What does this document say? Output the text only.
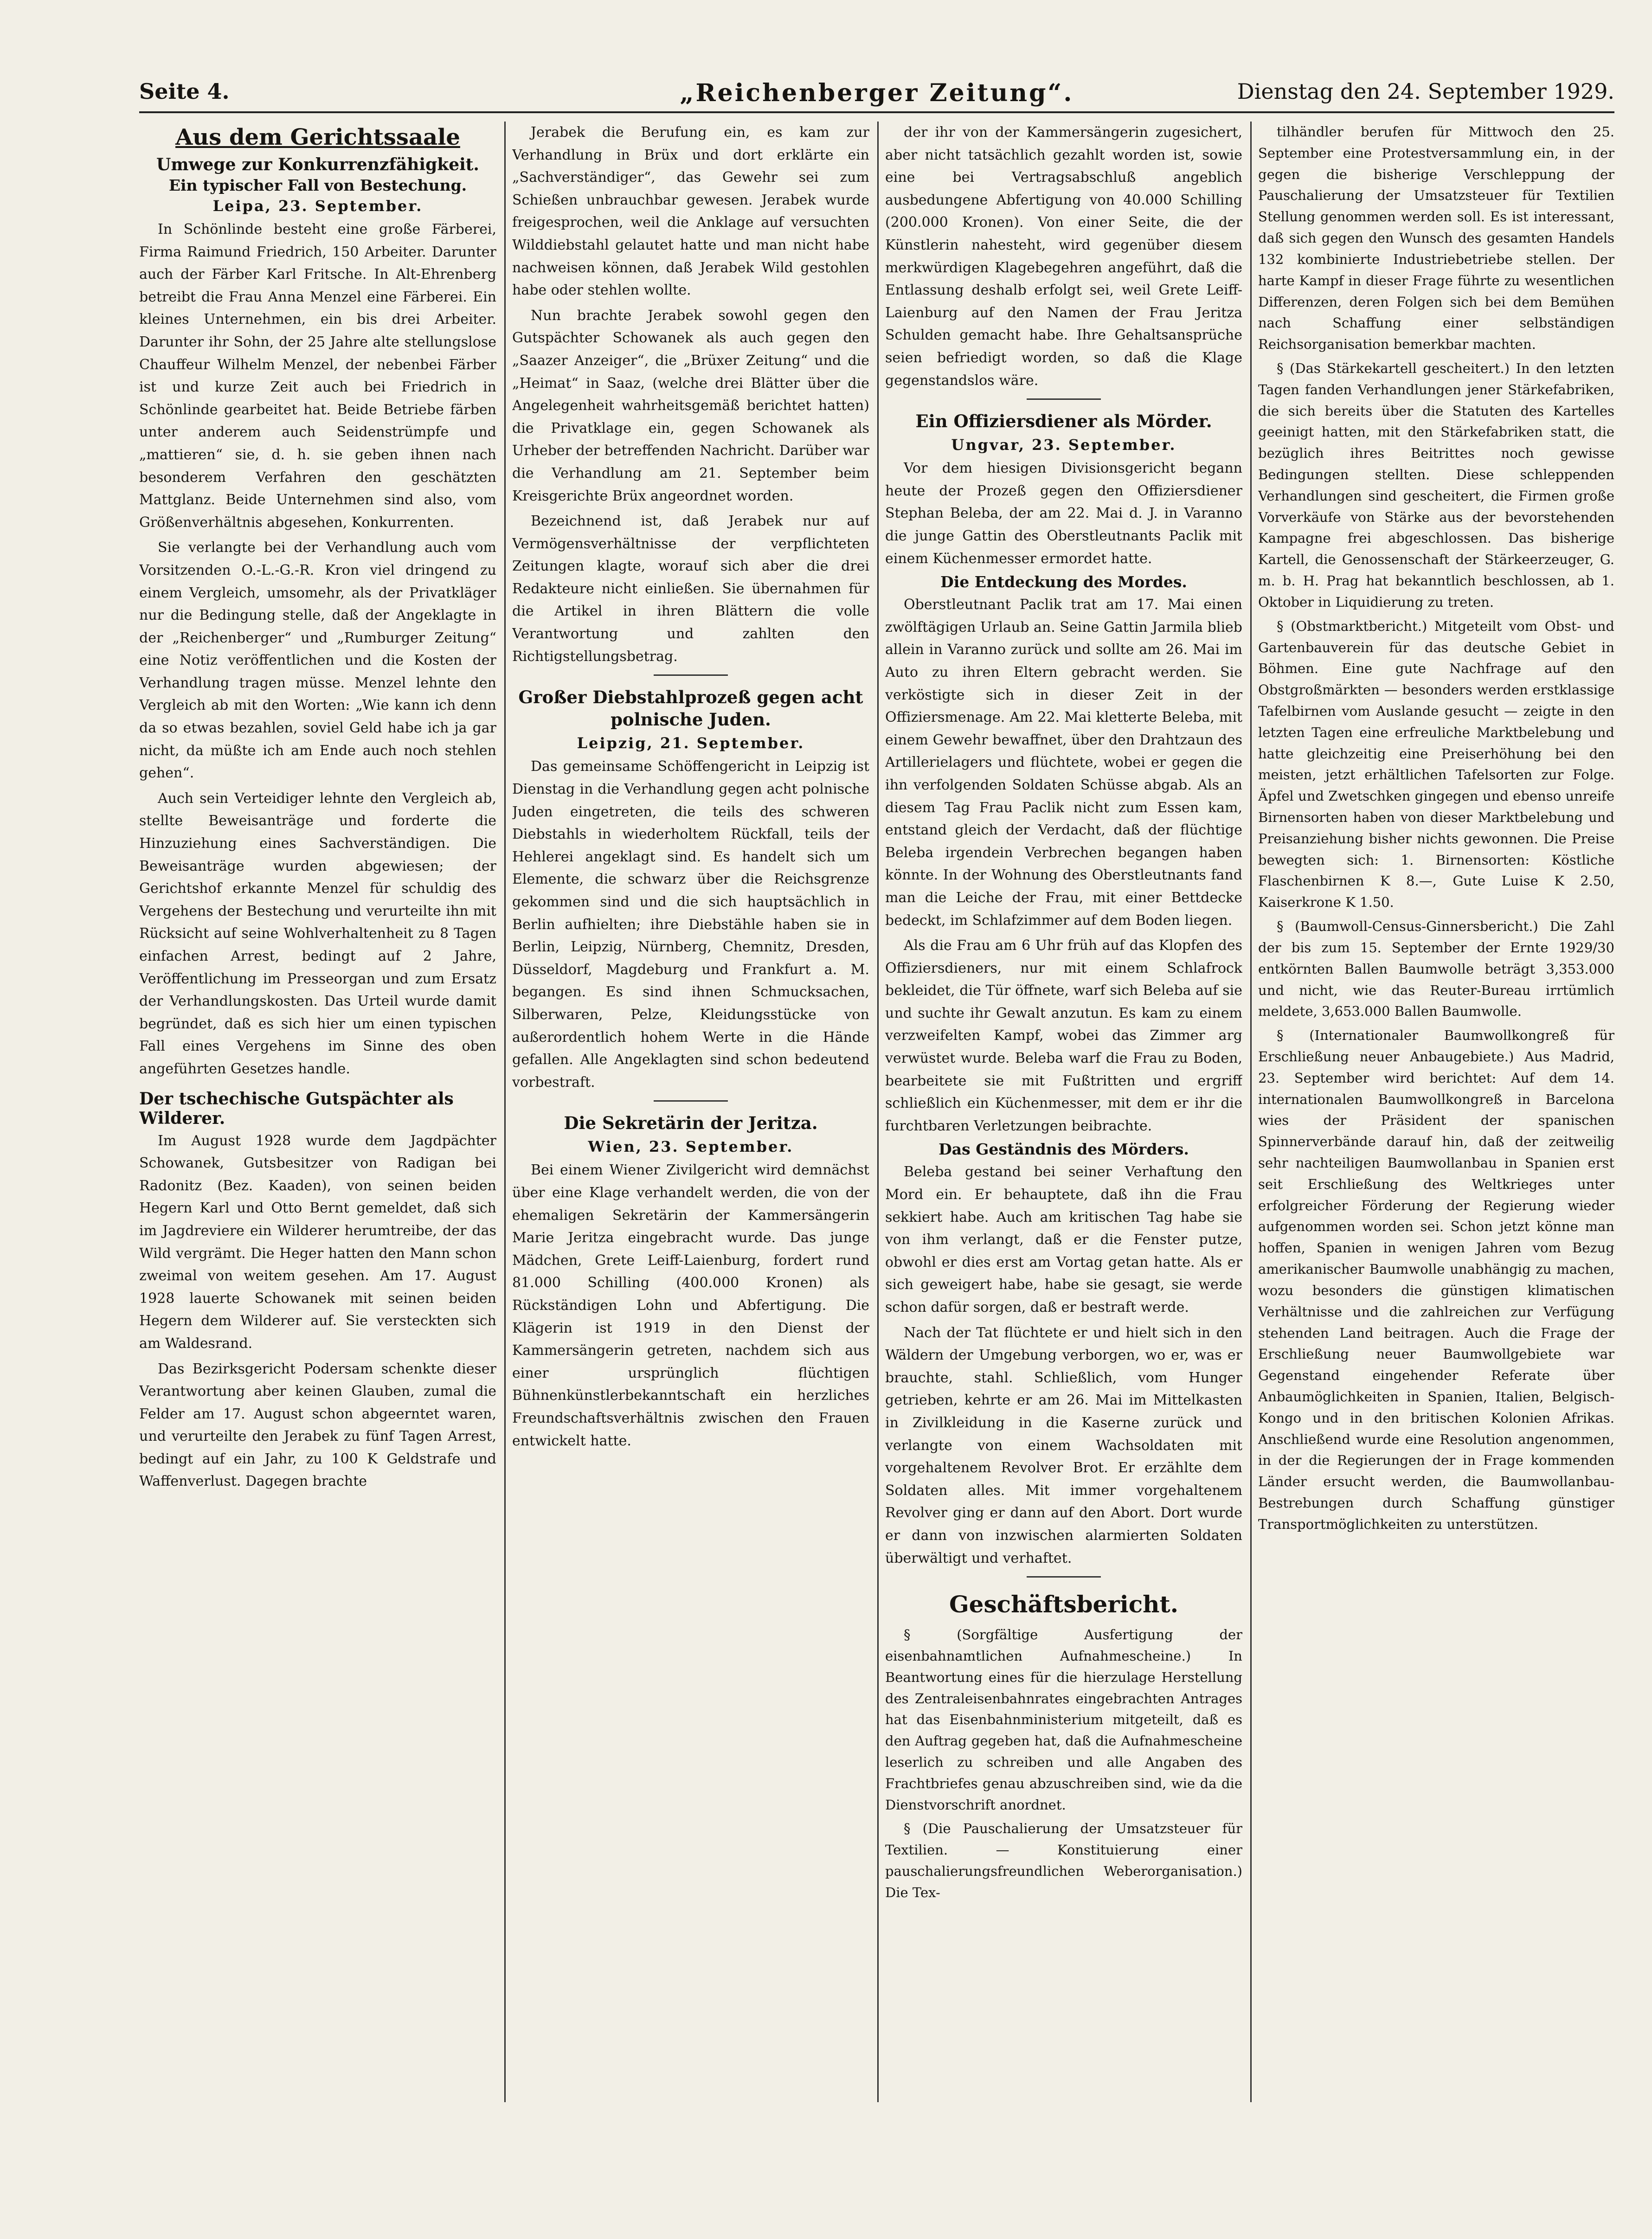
Seite 4.	„Reichenberger Zeitung“.	Dienstag den 24. September 1929.
Aus dem Gerichtssaale
Umwege zur Konkurrenzfähigkeit.
Ein typischer Fall von Bestechung.
Leipa, 23. September.

In Schönlinde besteht eine große Färberei, Firma Raimund Friedrich, 150 Arbeiter. Darunter auch der Färber Karl Fritsche. In Alt-Ehrenberg betreibt die Frau Anna Menzel eine Färberei. Ein kleines Unternehmen, ein bis drei Arbeiter. Darunter ihr Sohn, der 25 Jahre alte stellungslose Chauffeur Wilhelm Menzel, der nebenbei Färber ist und kurze Zeit auch bei Friedrich in Schönlinde gearbeitet hat. Beide Betriebe färben unter anderem auch Seidenstrümpfe und „mattieren“ sie, d. h. sie geben ihnen nach besonderem Verfahren den geschätzten Mattglanz. Beide Unternehmen sind also, vom Größenverhältnis abgesehen, Konkurrenten.

Sie verlangte bei der Verhandlung auch vom Vorsitzenden O.-L.-G.-R. Kron viel dringend zu einem Vergleich, umsomehr, als der Privatkläger nur die Bedingung stelle, daß der Angeklagte in der „Reichenberger“ und „Rumburger Zeitung“ eine Notiz veröffentlichen und die Kosten der Verhandlung tragen müsse. Menzel lehnte den Vergleich ab mit den Worten: „Wie kann ich denn da so etwas bezahlen, soviel Geld habe ich ja gar nicht, da müßte ich am Ende auch noch stehlen gehen“.

Auch sein Verteidiger lehnte den Vergleich ab, stellte Beweisanträge und forderte die Hinzuziehung eines Sachverständigen. Die Beweisanträge wurden abgewiesen; der Gerichtshof erkannte Menzel für schuldig des Vergehens der Bestechung und verurteilte ihn mit Rücksicht auf seine Wohlverhaltenheit zu 8 Tagen einfachen Arrest, bedingt auf 2 Jahre, Veröffentlichung im Presseorgan und zum Ersatz der Verhandlungskosten. Das Urteil wurde damit begründet, daß es sich hier um einen typischen Fall eines Vergehens im Sinne des oben angeführten Gesetzes handle.

Der tschechische Gutspächter als Wilderer.

Im August 1928 wurde dem Jagdpächter Schowanek, Gutsbesitzer von Radigan bei Radonitz (Bez. Kaaden), von seinen beiden Hegern Karl und Otto Bernt gemeldet, daß sich im Jagdreviere ein Wilderer herumtreibe, der das Wild vergrämt. Die Heger hatten den Mann schon zweimal von weitem gesehen. Am 17. August 1928 lauerte Schowanek mit seinen beiden Hegern dem Wilderer auf. Sie versteckten sich am Waldesrand.

Das Bezirksgericht Podersam schenkte dieser Verantwortung aber keinen Glauben, zumal die Felder am 17. August schon abgeerntet waren, und verurteilte den Jerabek zu fünf Tagen Arrest, bedingt auf ein Jahr, zu 100 K Geldstrafe und Waffenverlust. Dagegen brachte

Jerabek die Berufung ein, es kam zur Verhandlung in Brüx und dort erklärte ein „Sachverständiger“, das Gewehr sei zum Schießen unbrauchbar gewesen. Jerabek wurde freigesprochen, weil die Anklage auf versuchten Wilddiebstahl gelautet hatte und man nicht habe nachweisen können, daß Jerabek Wild gestohlen habe oder stehlen wollte.

Nun brachte Jerabek sowohl gegen den Gutspächter Schowanek als auch gegen den „Saazer Anzeiger“, die „Brüxer Zeitung“ und die „Heimat“ in Saaz, (welche drei Blätter über die Angelegenheit wahrheitsgemäß berichtet hatten) die Privatklage ein, gegen Schowanek als Urheber der betreffenden Nachricht. Darüber war die Verhandlung am 21. September beim Kreisgerichte Brüx angeordnet worden.

Bezeichnend ist, daß Jerabek nur auf Vermögensverhältnisse der verpflichteten Zeitungen klagte, worauf sich aber die drei Redakteure nicht einließen. Sie übernahmen für die Artikel in ihren Blättern die volle Verantwortung und zahlten den Richtigstellungsbetrag.

Großer Diebstahlprozeß gegen acht polnische Juden.
Leipzig, 21. September.

Das gemeinsame Schöffengericht in Leipzig ist Dienstag in die Verhandlung gegen acht polnische Juden eingetreten, die teils des schweren Diebstahls in wiederholtem Rückfall, teils der Hehlerei angeklagt sind. Es handelt sich um Elemente, die schwarz über die Reichsgrenze gekommen sind und die sich hauptsächlich in Berlin aufhielten; ihre Diebstähle haben sie in Berlin, Leipzig, Nürnberg, Chemnitz, Dresden, Düsseldorf, Magdeburg und Frankfurt a. M. begangen. Es sind ihnen Schmucksachen, Silberwaren, Pelze, Kleidungsstücke von außerordentlich hohem Werte in die Hände gefallen. Alle Angeklagten sind schon bedeutend vorbestraft.

Die Sekretärin der Jeritza.
Wien, 23. September.

Bei einem Wiener Zivilgericht wird demnächst über eine Klage verhandelt werden, die von der ehemaligen Sekretärin der Kammersängerin Marie Jeritza eingebracht wurde. Das junge Mädchen, Grete Leiff-Laienburg, fordert rund 81.000 Schilling (400.000 Kronen) als Rückständigen Lohn und Abfertigung. Die Klägerin ist 1919 in den Dienst der Kammersängerin getreten, nachdem sich aus einer ursprünglich flüchtigen Bühnenkünstlerbekanntschaft ein herzliches Freundschaftsverhältnis zwischen den Frauen entwickelt hatte.

der ihr von der Kammersängerin zugesichert, aber nicht tatsächlich gezahlt worden ist, sowie eine bei Vertragsabschluß angeblich ausbedungene Abfertigung von 40.000 Schilling (200.000 Kronen). Von einer Seite, die der Künstlerin nahesteht, wird gegenüber diesem merkwürdigen Klagebegehren angeführt, daß die Entlassung deshalb erfolgt sei, weil Grete Leiff-Laienburg auf den Namen der Frau Jeritza Schulden gemacht habe. Ihre Gehaltsansprüche seien befriedigt worden, so daß die Klage gegenstandslos wäre.

Ein Offiziersdiener als Mörder.
Ungvar, 23. September.

Vor dem hiesigen Divisionsgericht begann heute der Prozeß gegen den Offiziersdiener Stephan Beleba, der am 22. Mai d. J. in Varanno die junge Gattin des Oberstleutnants Paclik mit einem Küchenmesser ermordet hatte.

Die Entdeckung des Mordes.

Oberstleutnant Paclik trat am 17. Mai einen zwölftägigen Urlaub an. Seine Gattin Jarmila blieb allein in Varanno zurück und sollte am 26. Mai im Auto zu ihren Eltern gebracht werden. Sie verköstigte sich in dieser Zeit in der Offiziersmenage. Am 22. Mai kletterte Beleba, mit einem Gewehr bewaffnet, über den Drahtzaun des Artillerielagers und flüchtete, wobei er gegen die ihn verfolgenden Soldaten Schüsse abgab. Als an diesem Tag Frau Paclik nicht zum Essen kam, entstand gleich der Verdacht, daß der flüchtige Beleba irgendein Verbrechen begangen haben könnte. In der Wohnung des Oberstleutnants fand man die Leiche der Frau, mit einer Bettdecke bedeckt, im Schlafzimmer auf dem Boden liegen.

Als die Frau am 6 Uhr früh auf das Klopfen des Offiziersdieners, nur mit einem Schlafrock bekleidet, die Tür öffnete, warf sich Beleba auf sie und suchte ihr Gewalt anzutun. Es kam zu einem verzweifelten Kampf, wobei das Zimmer arg verwüstet wurde. Beleba warf die Frau zu Boden, bearbeitete sie mit Fußtritten und ergriff schließlich ein Küchenmesser, mit dem er ihr die furchtbaren Verletzungen beibrachte.

Das Geständnis des Mörders.

Beleba gestand bei seiner Verhaftung den Mord ein. Er behauptete, daß ihn die Frau sekkiert habe. Auch am kritischen Tag habe sie von ihm verlangt, daß er die Fenster putze, obwohl er dies erst am Vortag getan hatte. Als er sich geweigert habe, habe sie gesagt, sie werde schon dafür sorgen, daß er bestraft werde.

Nach der Tat flüchtete er und hielt sich in den Wäldern der Umgebung verborgen, wo er, was er brauchte, stahl. Schließlich, vom Hunger getrieben, kehrte er am 26. Mai im Mittelkasten in Zivilkleidung in die Kaserne zurück und verlangte von einem Wachsoldaten mit vorgehaltenem Revolver Brot. Er erzählte dem Soldaten alles. Mit immer vorgehaltenem Revolver ging er dann auf den Abort. Dort wurde er dann von inzwischen alarmierten Soldaten überwältigt und verhaftet.

Geschäftsbericht.

§ (Sorgfältige Ausfertigung der eisenbahnamtlichen Aufnahmescheine.) In Beantwortung eines für die hierzulage Herstellung des Zentraleisenbahnrates eingebrachten Antrages hat das Eisenbahnministerium mitgeteilt, daß es den Auftrag gegeben hat, daß die Aufnahmescheine leserlich zu schreiben und alle Angaben des Frachtbriefes genau abzuschreiben sind, wie da die Dienstvorschrift anordnet.

§ (Die Pauschalierung der Umsatzsteuer für Textilien. — Konstituierung einer pauschalierungsfreundlichen Weberorganisation.) Die Tex-

tilhändler berufen für Mittwoch den 25. September eine Protestversammlung ein, in der gegen die bisherige Verschleppung der Pauschalierung der Umsatzsteuer für Textilien Stellung genommen werden soll. Es ist interessant, daß sich gegen den Wunsch des gesamten Handels 132 kombinierte Industriebetriebe stellen. Der harte Kampf in dieser Frage führte zu wesentlichen Differenzen, deren Folgen sich bei dem Bemühen nach Schaffung einer selbständigen Reichsorganisation bemerkbar machten.

§ (Das Stärkekartell gescheitert.) In den letzten Tagen fanden Verhandlungen jener Stärkefabriken, die sich bereits über die Statuten des Kartelles geeinigt hatten, mit den Stärkefabriken statt, die bezüglich ihres Beitrittes noch gewisse Bedingungen stellten. Diese schleppenden Verhandlungen sind gescheitert, die Firmen große Vorverkäufe von Stärke aus der bevorstehenden Kampagne frei abgeschlossen. Das bisherige Kartell, die Genossenschaft der Stärkeerzeuger, G. m. b. H. Prag hat bekanntlich beschlossen, ab 1. Oktober in Liquidierung zu treten.

§ (Obstmarktbericht.) Mitgeteilt vom Obst- und Gartenbauverein für das deutsche Gebiet in Böhmen. Eine gute Nachfrage auf den Obstgroßmärkten — besonders werden erstklassige Tafelbirnen vom Auslande gesucht — zeigte in den letzten Tagen eine erfreuliche Marktbelebung und hatte gleichzeitig eine Preiserhöhung bei den meisten, jetzt erhältlichen Tafelsorten zur Folge. Äpfel und Zwetschken gingegen und ebenso unreife Birnensorten haben von dieser Marktbelebung und Preisanziehung bisher nichts gewonnen. Die Preise bewegten sich: 1. Birnensorten: Köstliche Flaschenbirnen K 8.—, Gute Luise K 2.50, Kaiserkrone K 1.50.

§ (Baumwoll-Census-Ginnersbericht.) Die Zahl der bis zum 15. September der Ernte 1929/30 entkörnten Ballen Baumwolle beträgt 3,353.000 und nicht, wie das Reuter-Bureau irrtümlich meldete, 3,653.000 Ballen Baumwolle.

§ (Internationaler Baumwollkongreß für Erschließung neuer Anbaugebiete.) Aus Madrid, 23. September wird berichtet: Auf dem 14. internationalen Baumwollkongreß in Barcelona wies der Präsident der spanischen Spinnerverbände darauf hin, daß der zeitweilig sehr nachteiligen Baumwollanbau in Spanien erst seit Erschließung des Weltkrieges unter erfolgreicher Förderung der Regierung wieder aufgenommen worden sei. Schon jetzt könne man hoffen, Spanien in wenigen Jahren vom Bezug amerikanischer Baumwolle unabhängig zu machen, wozu besonders die günstigen klimatischen Verhältnisse und die zahlreichen zur Verfügung stehenden Land beitragen. Auch die Frage der Erschließung neuer Baumwollgebiete war Gegenstand eingehender Referate über Anbaumöglichkeiten in Spanien, Italien, Belgisch-Kongo und in den britischen Kolonien Afrikas. Anschließend wurde eine Resolution angenommen, in der die Regierungen der in Frage kommenden Länder ersucht werden, die Baumwollanbau-Bestrebungen durch Schaffung günstiger Transportmöglichkeiten zu unterstützen.
